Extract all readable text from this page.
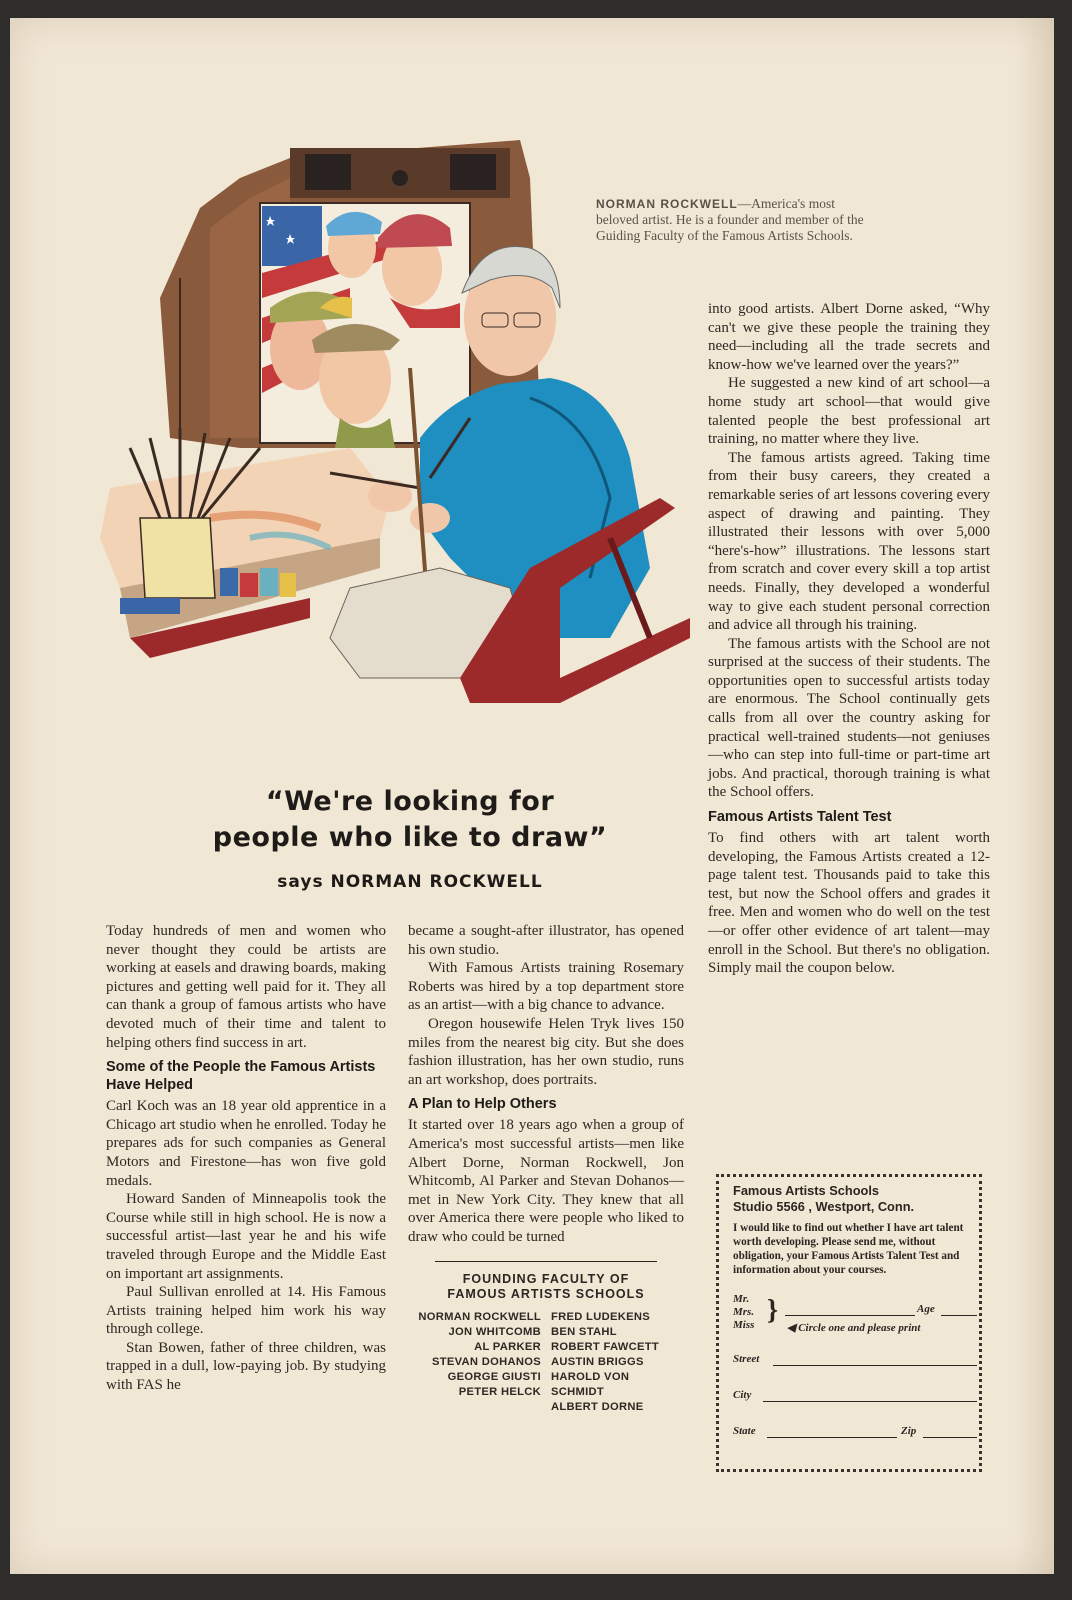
NORMAN ROCKWELL—America's most beloved artist. He is a founder and member of the Guiding Faculty of the Famous Artists Schools.
“We're looking for
people who like to draw”
says NORMAN ROCKWELL

Today hundreds of men and women who never thought they could be artists are working at easels and drawing boards, making pictures and getting well paid for it. They all can thank a group of famous artists who have devoted much of their time and talent to helping others find success in art.

Some of the People the Famous Artists Have Helped

Carl Koch was an 18 year old apprentice in a Chicago art studio when he enrolled. Today he prepares ads for such companies as General Motors and Firestone—has won five gold medals.

Howard Sanden of Minneapolis took the Course while still in high school. He is now a successful artist—last year he and his wife traveled through Europe and the Middle East on important art assignments.

Paul Sullivan enrolled at 14. His Famous Artists training helped him work his way through college.

Stan Bowen, father of three children, was trapped in a dull, low-paying job. By studying with FAS he

became a sought-after illustrator, has opened his own studio.

With Famous Artists training Rosemary Roberts was hired by a top department store as an artist—with a big chance to advance.

Oregon housewife Helen Tryk lives 150 miles from the nearest big city. But she does fashion illustration, has her own studio, runs an art workshop, does portraits.

A Plan to Help Others

It started over 18 years ago when a group of America's most successful artists—men like Albert Dorne, Norman Rockwell, Jon Whitcomb, Al Parker and Stevan Dohanos—met in New York City. They knew that all over America there were people who liked to draw who could be turned

FOUNDING FACULTY OF
FAMOUS ARTISTS SCHOOLS
NORMAN ROCKWELL
JON WHITCOMB
AL PARKER
STEVAN DOHANOS
GEORGE GIUSTI
PETER HELCK
FRED LUDEKENS
BEN STAHL
ROBERT FAWCETT
AUSTIN BRIGGS
HAROLD VON SCHMIDT
ALBERT DORNE

into good artists. Albert Dorne asked, “Why can't we give these people the training they need—including all the trade secrets and know-how we've learned over the years?”

He suggested a new kind of art school—a home study art school—that would give talented people the best professional art training, no matter where they live.

The famous artists agreed. Taking time from their busy careers, they created a remarkable series of art lessons covering every aspect of drawing and painting. They illustrated their lessons with over 5,000 “here's-how” illustrations. The lessons start from scratch and cover every skill a top artist needs. Finally, they developed a wonderful way to give each student personal correction and advice all through his training.

The famous artists with the School are not surprised at the success of their students. The opportunities open to successful artists today are enormous. The School continually gets calls from all over the country asking for practical well-trained students—not geniuses—who can step into full-time or part-time art jobs. And practical, thorough training is what the School offers.

Famous Artists Talent Test

To find others with art talent worth developing, the Famous Artists created a 12-page talent test. Thousands paid to take this test, but now the School offers and grades it free. Men and women who do well on the test—or offer other evidence of art talent—may enroll in the School. But there's no obligation. Simply mail the coupon below.

Famous Artists Schools
Studio 5566 , Westport, Conn.
I would like to find out whether I have art talent worth developing. Please send me, without obligation, your Famous Artists Talent Test and information about your courses.
Mr.
Mrs.
Miss }	Age
◀ Circle one and please print
Street
City
State	Zip
